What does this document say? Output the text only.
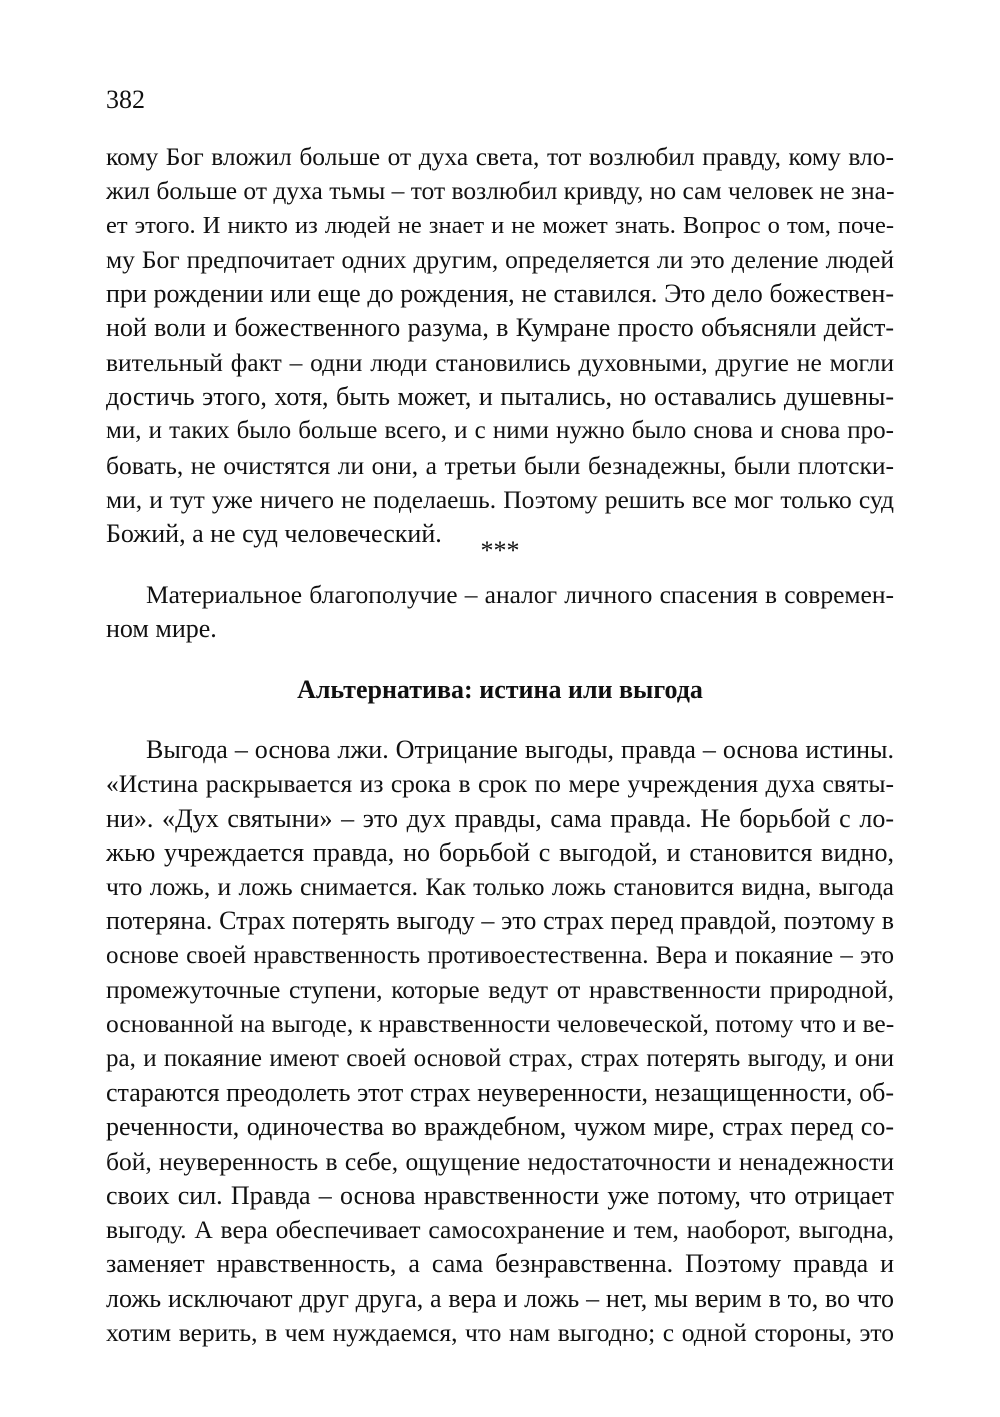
382
кому Бог вложил больше от духа света, тот возлюбил правду, кому вло-
жил больше от духа тьмы – тот возлюбил кривду, но сам человек не зна-
ет этого. И никто из людей не знает и не может знать. Вопрос о том, поче-
му Бог предпочитает одних другим, определяется ли это деление людей
при рождении или еще до рождения, не ставился. Это дело божествен-
ной воли и божественного разума, в Кумране просто объясняли дейст-
вительный факт – одни люди становились духовными, другие не могли
достичь этого, хотя, быть может, и пытались, но оставались душевны-
ми, и таких было больше всего, и с ними нужно было снова и снова про-
бовать, не очистятся ли они, а третьи были безнадежны, были плотски-
ми, и тут уже ничего не поделаешь. Поэтому решить все мог только суд
Божий, а не суд человеческий.
***
Материальное благополучие – аналог личного спасения в современ-
ном мире.
Альтернатива: истина или выгода
Выгода – основа лжи. Отрицание выгоды, правда – основа истины.
«Истина раскрывается из срока в срок по мере учреждения духа святы-
ни». «Дух святыни» – это дух правды, сама правда. Не борьбой с ло-
жью учреждается правда, но борьбой с выгодой, и становится видно,
что ложь, и ложь снимается. Как только ложь становится видна, выгода
потеряна. Страх потерять выгоду – это страх перед правдой, поэтому в
основе своей нравственность противоестественна. Вера и покаяние – это
промежуточные ступени, которые ведут от нравственности природной,
основанной на выгоде, к нравственности человеческой, потому что и ве-
ра, и покаяние имеют своей основой страх, страх потерять выгоду, и они
стараются преодолеть этот страх неуверенности, незащищенности, об-
реченности, одиночества во враждебном, чужом мире, страх перед со-
бой, неуверенность в себе, ощущение недостаточности и ненадежности
своих сил. Правда – основа нравственности уже потому, что отрицает
выгоду. А вера обеспечивает самосохранение и тем, наоборот, выгодна,
заменяет нравственность, а сама безнравственна. Поэтому правда и
ложь исключают друг друга, а вера и ложь – нет, мы верим в то, во что
хотим верить, в чем нуждаемся, что нам выгодно; с одной стороны, это
